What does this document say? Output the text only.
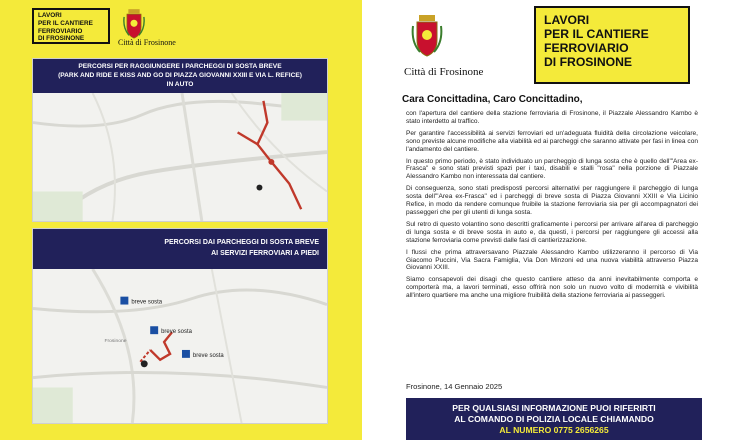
LAVORI
PER IL CANTIERE
FERROVIARIO
DI FROSINONE	Città di Frosinone
PERCORSI PER RAGGIUNGERE I PARCHEGGI DI SOSTA BREVE
(PARK AND RIDE E KISS AND GO DI PIAZZA GIOVANNI XXIII E VIA L. REFICE)
IN AUTO
PERCORSI DAI PARCHEGGI DI SOSTA BREVE
AI SERVIZI FERROVIARI A PIEDI
breve sosta
breve sosta
breve sosta
Frosinone
Città di Frosinone
LAVORI
PER IL CANTIERE
FERROVIARIO
DI FROSINONE
Cara Concittadina, Caro Concittadino,

con l'apertura del cantiere della stazione ferroviaria di Frosinone, il Piazzale Alessandro Kambo è stato interdetto al traffico.

Per garantire l'accessibilità ai servizi ferroviari ed un'adeguata fluidità della circolazione veicolare, sono previste alcune modifiche alla viabilità ed ai parcheggi che saranno attivate per fasi in linea con l'andamento del cantiere.

In questo primo periodo, è stato individuato un parcheggio di lunga sosta che è quello dell'"Area ex-Frasca" e sono stati previsti spazi per i taxi, disabili e stalli "rosa" nella porzione di Piazzale Alessandro Kambo non interessata dal cantiere.

Di conseguenza, sono stati predisposti percorsi alternativi per raggiungere il parcheggio di lunga sosta dell'"Area ex-Frasca" ed i parcheggi di breve sosta di Piazza Giovanni XXIII e Via Licinio Refice, in modo da rendere comunque fruibile la stazione ferroviaria sia per gli accompagnatori dei passeggeri che per gli utenti di lunga sosta.

Sul retro di questo volantino sono descritti graficamente i percorsi per arrivare all'area di parcheggio di lunga sosta e di breve sosta in auto e, da questi, i percorsi per raggiungere gli accessi alla stazione ferroviaria come previsti dalle fasi di cantierizzazione.

I flussi che prima attraversavano Piazzale Alessandro Kambo utilizzeranno il percorso di Via Giacomo Puccini, Via Sacra Famiglia, Via Don Minzoni ed una nuova viabilità attraverso Piazza Giovanni XXIII.

Siamo consapevoli dei disagi che questo cantiere atteso da anni inevitabilmente comporta e comporterà ma, a lavori terminati, esso offrirà non solo un nuovo volto di modernità e vivibilità all'intero quartiere ma anche una migliore fruibilità della stazione ferroviaria ai passeggeri.

Frosinone, 14 Gennaio 2025
PER QUALSIASI INFORMAZIONE PUOI RIFERIRTI
AL COMANDO DI POLIZIA LOCALE CHIAMANDO
AL NUMERO 0775 2656265
